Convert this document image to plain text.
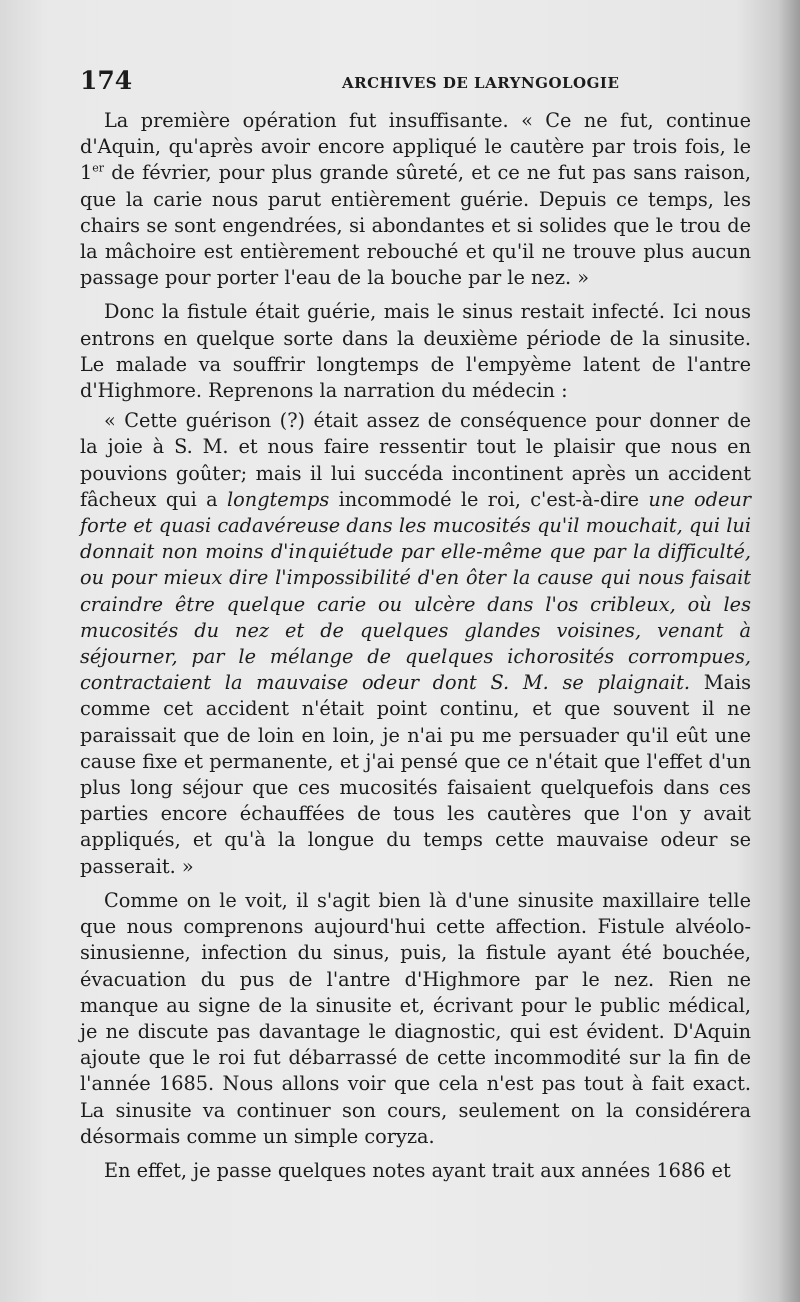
174	ARCHIVES DE LARYNGOLOGIE

La première opération fut insuffisante. « Ce ne fut, continue d'Aquin, qu'après avoir encore appliqué le cautère par trois fois, le 1er de février, pour plus grande sûreté, et ce ne fut pas sans raison, que la carie nous parut entièrement guérie. Depuis ce temps, les chairs se sont engendrées, si abondantes et si solides que le trou de la mâchoire est entièrement rebouché et qu'il ne trouve plus aucun passage pour porter l'eau de la bouche par le nez. »

Donc la fistule était guérie, mais le sinus restait infecté. Ici nous entrons en quelque sorte dans la deuxième période de la sinusite. Le malade va souffrir longtemps de l'empyème latent de l'antre d'Highmore. Reprenons la narration du médecin :

« Cette guérison (?) était assez de conséquence pour donner de la joie à S. M. et nous faire ressentir tout le plaisir que nous en pouvions goûter; mais il lui succéda incontinent après un accident fâcheux qui a longtemps incommodé le roi, c'est-à-dire une odeur forte et quasi cadavéreuse dans les mucosités qu'il mouchait, qui lui donnait non moins d'inquiétude par elle-même que par la difficulté, ou pour mieux dire l'impossibilité d'en ôter la cause qui nous faisait craindre être quelque carie ou ulcère dans l'os cribleux, où les mucosités du nez et de quelques glandes voisines, venant à séjourner, par le mélange de quelques ichorosités corrompues, contractaient la mauvaise odeur dont S. M. se plaignait. Mais comme cet accident n'était point continu, et que souvent il ne paraissait que de loin en loin, je n'ai pu me persuader qu'il eût une cause fixe et permanente, et j'ai pensé que ce n'était que l'effet d'un plus long séjour que ces mucosités faisaient quelquefois dans ces parties encore échauffées de tous les cautères que l'on y avait appliqués, et qu'à la longue du temps cette mauvaise odeur se passerait. »

Comme on le voit, il s'agit bien là d'une sinusite maxillaire telle que nous comprenons aujourd'hui cette affection. Fistule alvéolo-sinusienne, infection du sinus, puis, la fistule ayant été bouchée, évacuation du pus de l'antre d'Highmore par le nez. Rien ne manque au signe de la sinusite et, écrivant pour le public médical, je ne discute pas davantage le diagnostic, qui est évident. D'Aquin ajoute que le roi fut débarrassé de cette incommodité sur la fin de l'année 1685. Nous allons voir que cela n'est pas tout à fait exact. La sinusite va continuer son cours, seulement on la considérera désormais comme un simple coryza.

En effet, je passe quelques notes ayant trait aux années 1686 et
